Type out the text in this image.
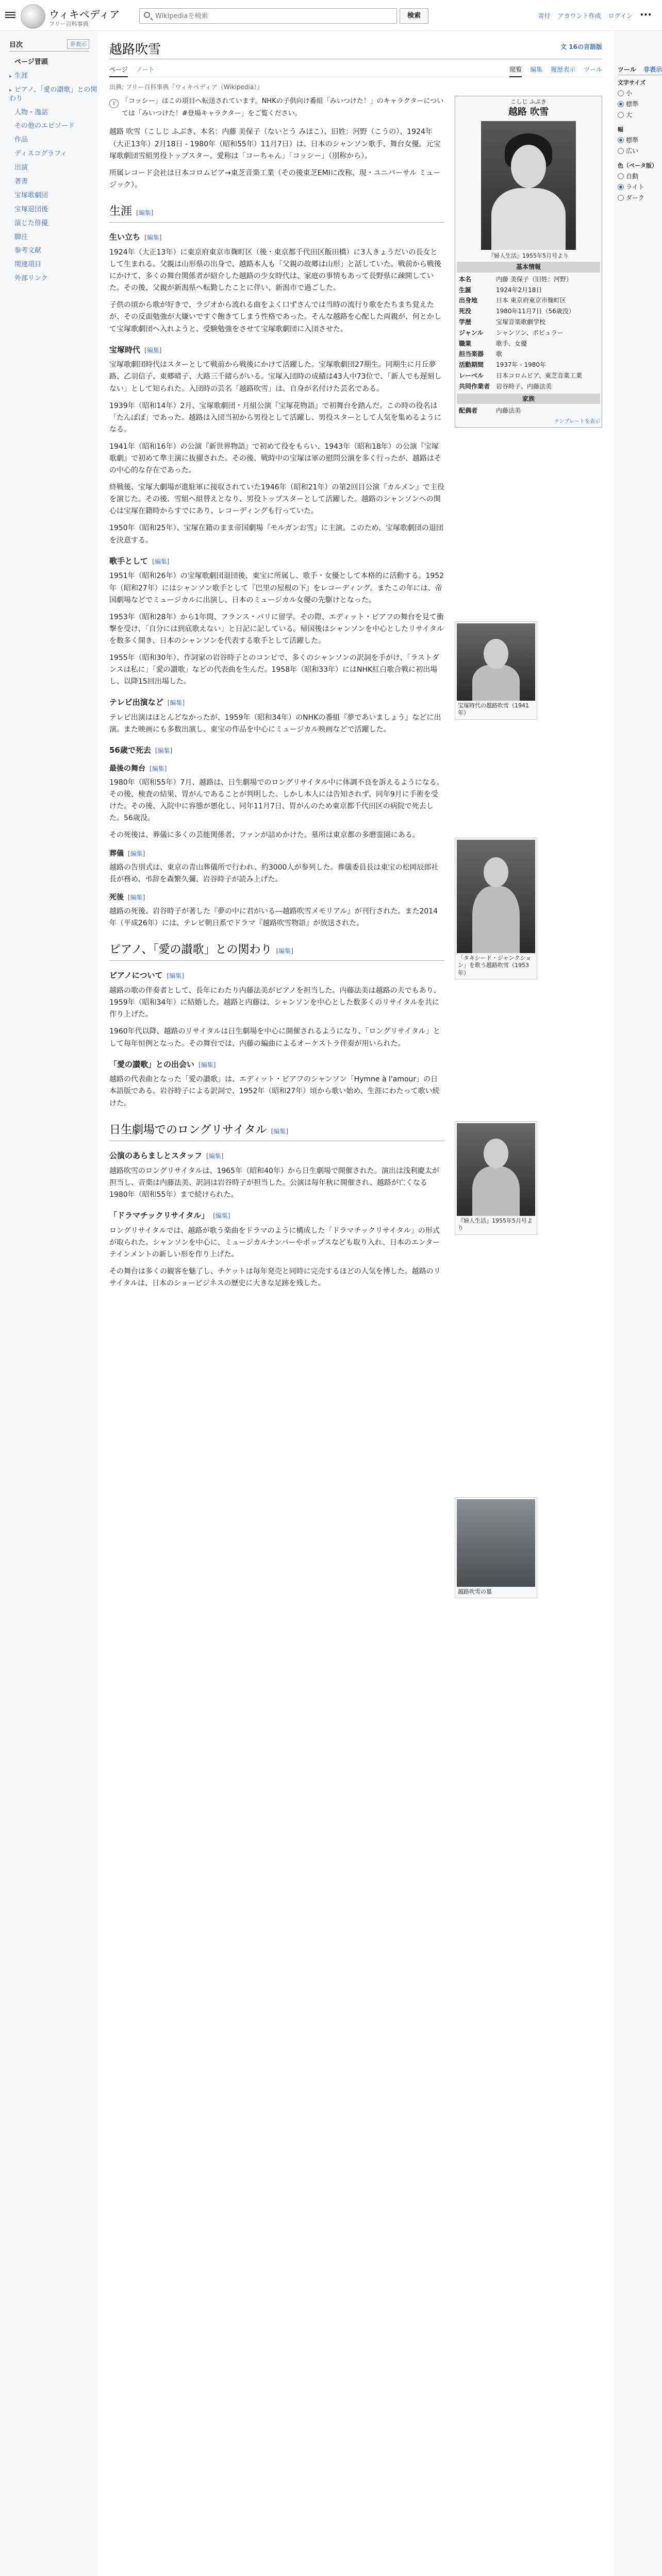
ウィキペディア
フリー百科事典
Wikipediaを検索
検索	寄付 アカウント作成 ログイン •••
目次	非表示
ページ冒頭
▸ 生涯
▸ ピアノ、「愛の讃歌」との関わり
人物・逸話
その他のエピソード
作品
ディスコグラフィ
出演
著書
宝塚歌劇団
宝塚退団後
演じた俳優
脚注
参考文献
関連項目
外部リンク
越路吹雪	文 16の言語版
ページ ノート	閲覧 編集 履歴表示 ツール
出典: フリー百科事典『ウィキペディア（Wikipedia）』
i 「コッシー」はこの項目へ転送されています。NHKの子供向け番組「みいつけた！」のキャラクターについては「みいつけた！#登場キャラクター」をご覧ください。

越路 吹雪（こしじ ふぶき、本名：内藤 美保子（ないとう みほこ）、旧姓：河野（こうの）、1924年（大正13年）2月18日 - 1980年（昭和55年）11月7日）は、日本のシャンソン歌手、舞台女優。元宝塚歌劇団雪組男役トップスター。愛称は「コーちゃん」「コッシー」（別称から）。

所属レコード会社は日本コロムビア→東芝音楽工業（その後東芝EMIに改称、現・ユニバーサル ミュージック）。

生涯 [編集]
生い立ち [編集]

1924年（大正13年）に東京府東京市麹町区（後・東京都千代田区飯田橋）に3人きょうだいの長女として生まれる。父親は山形県の出身で、越路本人も「父親の故郷は山形」と話していた。戦前から戦後にかけて、多くの舞台関係者が紹介した越路の少女時代は、家庭の事情もあって長野県に疎開していた。その後、父親が新潟県へ転勤したことに伴い、新潟市で過ごした。

子供の頃から歌が好きで、ラジオから流れる曲をよく口ずさんでは当時の流行り歌をたちまち覚えたが、その反面勉強が大嫌いですぐ飽きてしまう性格であった。そんな越路を心配した両親が、何とかして宝塚歌劇団へ入れようと、受験勉強をさせて宝塚歌劇団に入団させた。

宝塚時代 [編集]

宝塚歌劇団時代はスターとして戦前から戦後にかけて活躍した。宝塚歌劇団27期生。同期生に月丘夢路、乙羽信子、東郷晴子、大路三千緒らがいる。宝塚入団時の成績は43人中73位で、「新人でも遅刻しない」として知られた。入団時の芸名「越路吹雪」は、自身が名付けた芸名である。

1939年（昭和14年）2月、宝塚歌劇団・月組公演『宝塚花物語』で初舞台を踏んだ。この時の役名は「たんぽぽ」であった。越路は入団当初から男役として活躍し、男役スターとして人気を集めるようになる。

1941年（昭和16年）の公演『新世界物語』で初めて役をもらい、1943年（昭和18年）の公演『宝塚歌劇』で初めて準主演に抜擢された。その後、戦時中の宝塚は軍の慰問公演を多く行ったが、越路はその中心的な存在であった。

終戦後、宝塚大劇場が進駐軍に接収されていた1946年（昭和21年）の第2回目公演『カルメン』で主役を演じた。その後、雪組へ組替えとなり、男役トップスターとして活躍した。越路のシャンソンへの関心は宝塚在籍時からすでにあり、レコーディングも行っていた。

1950年（昭和25年）、宝塚在籍のまま帝国劇場『モルガンお雪』に主演。このため、宝塚歌劇団の退団を決意する。

歌手として [編集]

1951年（昭和26年）の宝塚歌劇団退団後、東宝に所属し、歌手・女優として本格的に活動する。1952年（昭和27年）にはシャンソン歌手として『巴里の屋根の下』をレコーディング。またこの年には、帝国劇場などでミュージカルに出演し、日本のミュージカル女優の先駆けとなった。

1953年（昭和28年）から1年間、フランス・パリに留学。その際、エディット・ピアフの舞台を見て衝撃を受け、「自分には到底歌えない」と日記に記している。帰国後はシャンソンを中心としたリサイタルを数多く開き、日本のシャンソンを代表する歌手として活躍した。

1955年（昭和30年）、作詞家の岩谷時子とのコンビで、多くのシャンソンの訳詞を手がけ、「ラストダンスは私に」「愛の讃歌」などの代表曲を生んだ。1958年（昭和33年）にはNHK紅白歌合戦に初出場し、以降15回出場した。

テレビ出演など [編集]

テレビ出演はほとんどなかったが、1959年（昭和34年）のNHKの番組『夢であいましょう』などに出演。また映画にも多数出演し、東宝の作品を中心にミュージカル映画などで活躍した。

56歳で死去 [編集]
最後の舞台 [編集]

1980年（昭和55年）7月、越路は、日生劇場でのロングリサイタル中に体調不良を訴えるようになる。その後、検査の結果、胃がんであることが判明した。しかし本人には告知されず、同年9月に手術を受けた。その後、入院中に容態が悪化し、同年11月7日、胃がんのため東京都千代田区の病院で死去した。56歳没。

その死後は、葬儀に多くの芸能関係者、ファンが詰めかけた。墓所は東京都の多磨霊園にある。

葬儀 [編集]

越路の告別式は、東京の青山葬儀所で行われ、約3000人が参列した。葬儀委員長は東宝の松岡辰郎社長が務め、弔辞を森繁久彌、岩谷時子が読み上げた。

死後 [編集]

越路の死後、岩谷時子が著した『夢の中に君がいる―越路吹雪メモリアル』が刊行された。また2014年（平成26年）には、テレビ朝日系でドラマ『越路吹雪物語』が放送された。

ピアノ、「愛の讃歌」との関わり [編集]
ピアノについて [編集]

越路の歌の伴奏者として、長年にわたり内藤法美がピアノを担当した。内藤法美は越路の夫でもあり、1959年（昭和34年）に結婚した。越路と内藤は、シャンソンを中心とした数多くのリサイタルを共に作り上げた。

1960年代以降、越路のリサイタルは日生劇場を中心に開催されるようになり、「ロングリサイタル」として毎年恒例となった。その舞台では、内藤の編曲によるオーケストラ伴奏が用いられた。

「愛の讃歌」との出会い [編集]

越路の代表曲となった「愛の讃歌」は、エディット・ピアフのシャンソン「Hymne à l'amour」の日本語版である。岩谷時子による訳詞で、1952年（昭和27年）頃から歌い始め、生涯にわたって歌い続けた。

日生劇場でのロングリサイタル [編集]
公演のあらましとスタッフ [編集]

越路吹雪のロングリサイタルは、1965年（昭和40年）から日生劇場で開催された。演出は浅利慶太が担当し、音楽は内藤法美、訳詞は岩谷時子が担当した。公演は毎年秋に開催され、越路が亡くなる1980年（昭和55年）まで続けられた。

「ドラマチックリサイタル」 [編集]

ロングリサイタルでは、越路が歌う楽曲をドラマのように構成した「ドラマチックリサイタル」の形式が取られた。シャンソンを中心に、ミュージカルナンバーやポップスなども取り入れ、日本のエンターテインメントの新しい形を作り上げた。

その舞台は多くの観客を魅了し、チケットは毎年発売と同時に完売するほどの人気を博した。越路のリサイタルは、日本のショービジネスの歴史に大きな足跡を残した。

こしじ ふぶき
越路 吹雪
『婦人生活』1955年5月号より
基本情報
本名	内藤 美保子（旧姓：河野）
生誕	1924年2月18日
出身地	日本 東京府東京市麹町区
死没	1980年11月7日（56歳没）
学歴	宝塚音楽歌劇学校
ジャンル	シャンソン、ポピュラー
職業	歌手、女優
担当楽器	歌
活動期間	1937年 - 1980年
レーベル	日本コロムビア、東芝音楽工業
共同作業者	岩谷時子、内藤法美
家族
配偶者	内藤法美
テンプレートを表示
宝塚時代の越路吹雪（1941年）
「タキシード・ジャンクション」を歌う越路吹雪（1953年）
『婦人生活』1955年5月号より
越路吹雪の墓
ツール 非表示
文字サイズ
小
標準
大
幅
標準
広い
色（ベータ版）
自動
ライト
ダーク
